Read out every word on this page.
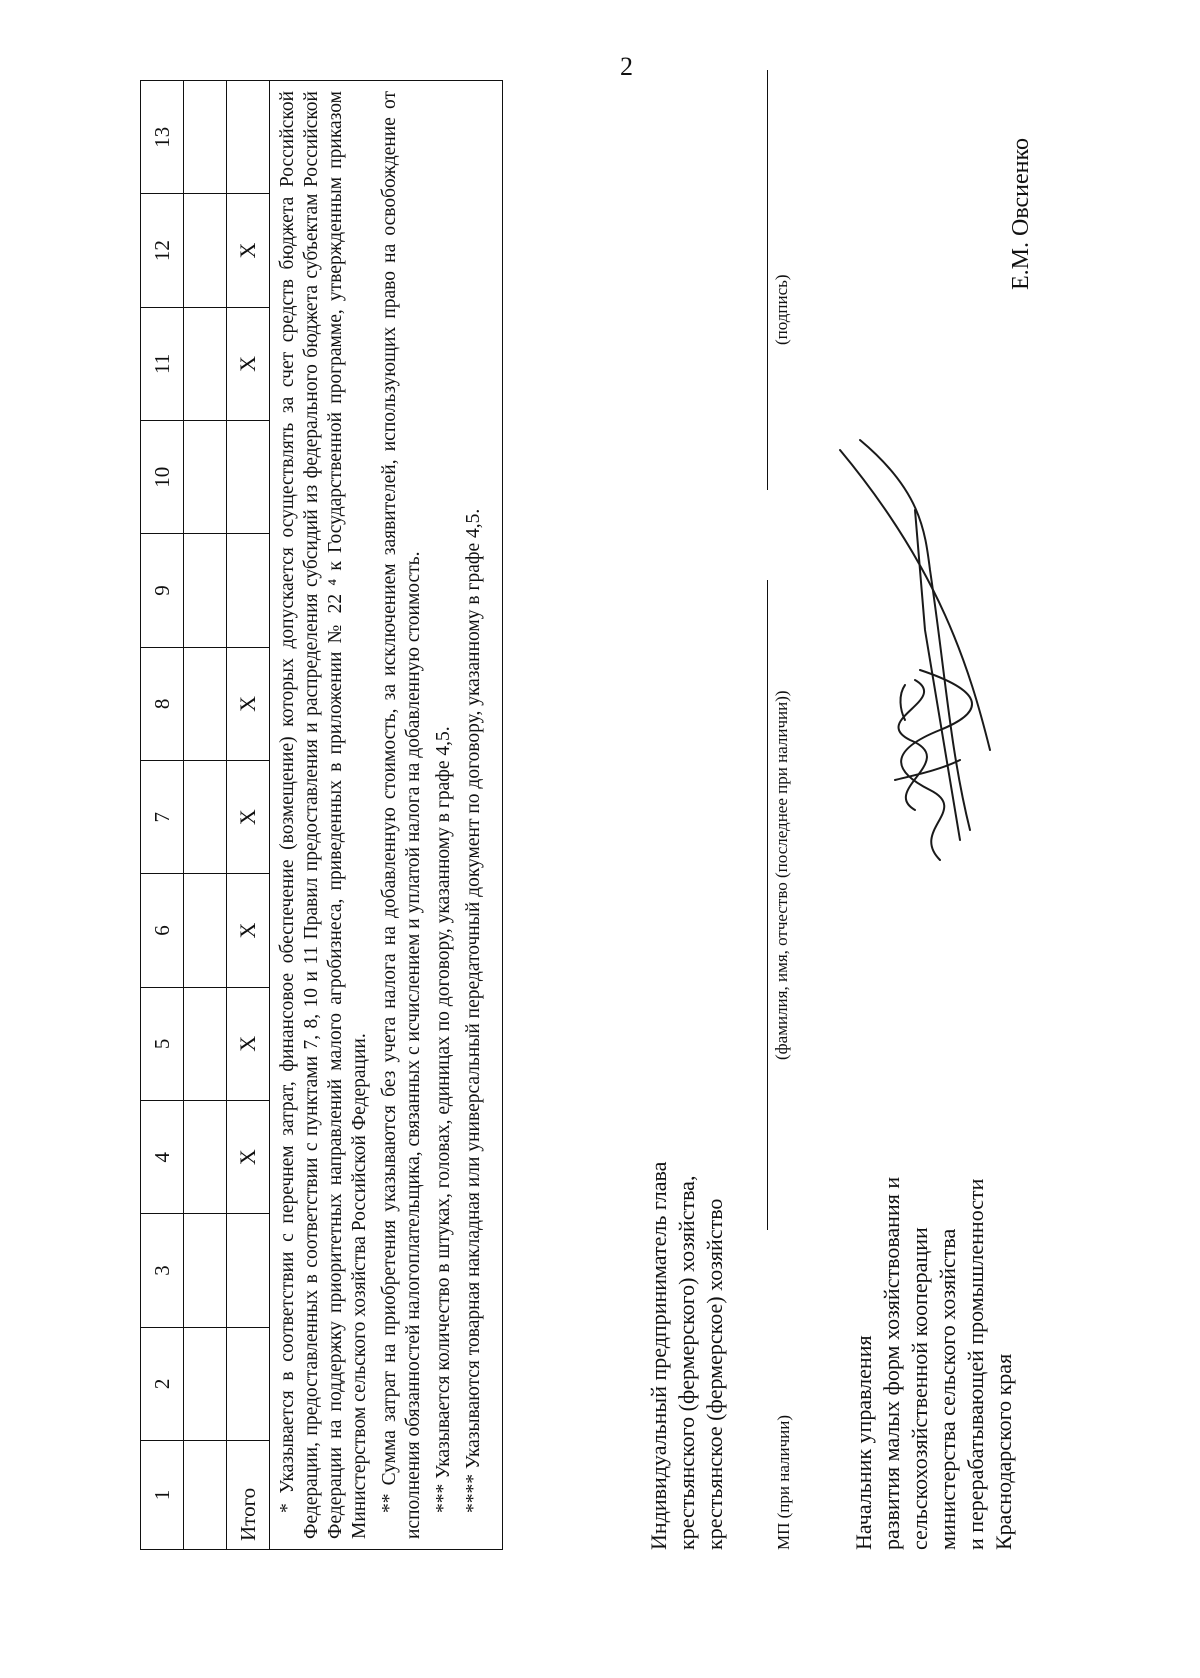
2
1	2	3	4	5	6	7	8	9	10	11	12	13

Итого			X	X	X	X	X			X	X	

* Указывается в соответствии с перечнем затрат, финансовое обеспечение (возмещение) которых допускается осуществлять за счет средств бюджета Российской Федерации, предоставленных в соответствии с пунктами 7, 8, 10 и 11 Правил предоставления и распределения субсидий из федерального бюджета субъектам Российской Федерации на поддержку приоритетных направлений малого агробизнеса, приведенных в приложении № 22 ⁴ к Государственной программе, утвержденным приказом Министерством сельского хозяйства Российской Федерации. ** Сумма затрат на приобретения указываются без учета налога на добавленную стоимость, за исключением заявителей, использующих право на освобождение от исполнения обязанностей налогоплательщика, связанных с исчислением и уплатой налога на добавленную стоимость. *** Указывается количество в штуках, головах, единицах по договору, указанному в графе 4,5. **** Указываются товарная накладная или универсальный передаточный документ по договору, указанному в графе 4,5.													Индивидуальный предприниматель глава крестьянского (фермерского) хозяйства, крестьянское (фермерское) хозяйство
(фамилия, имя, отчество (последнее при наличии))
(подпись)
МП (при наличии)	Начальник управления развития малых форм хозяйствования и сельскохозяйственной кооперации министерства сельского хозяйства и перерабатывающей промышленности Краснодарского края
Е.М. Овсиенко
